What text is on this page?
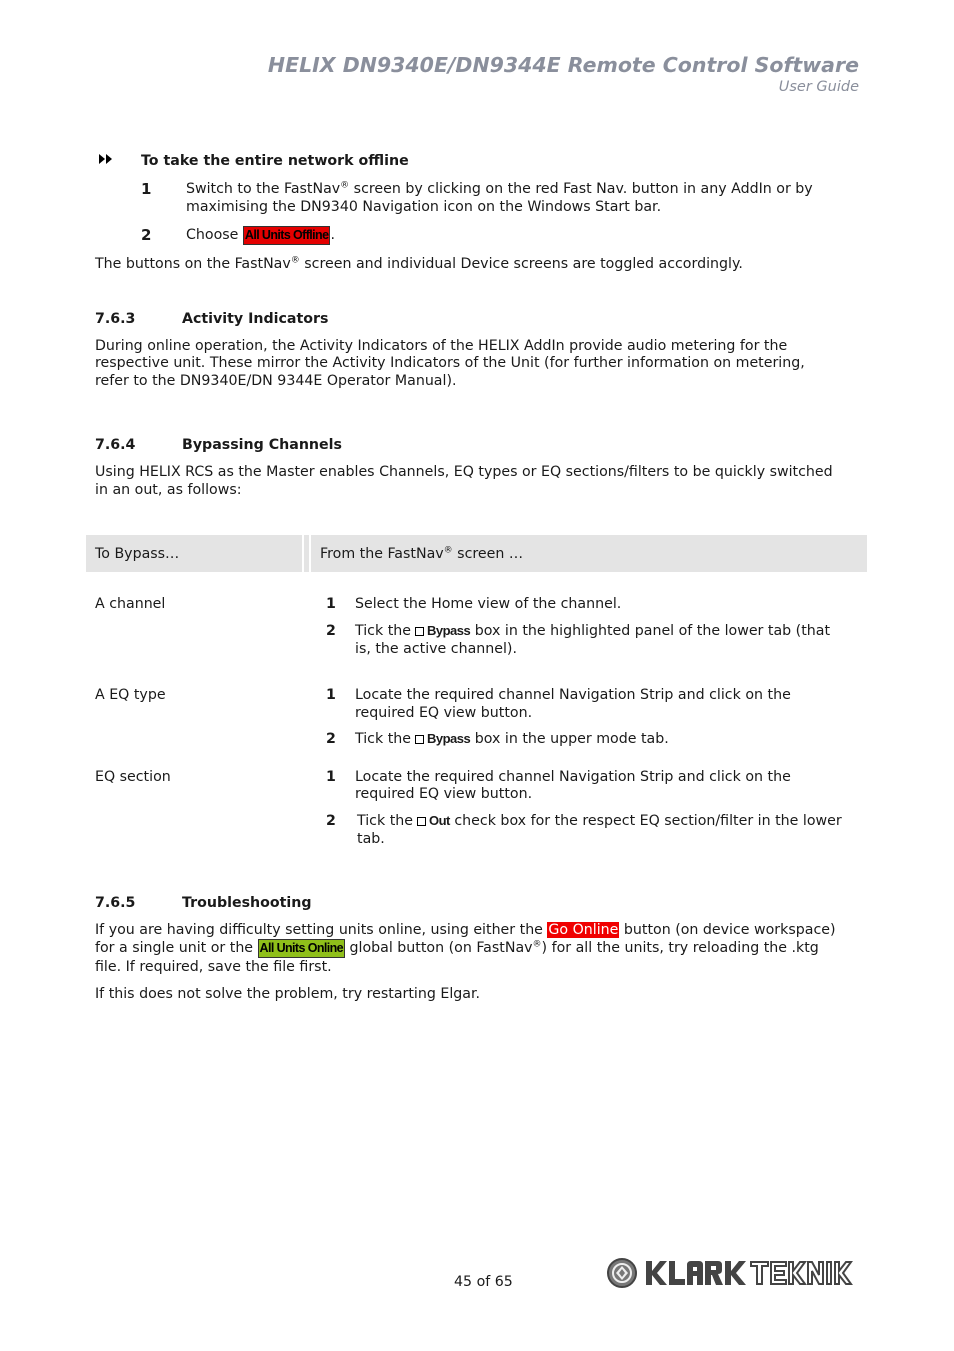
HELIX DN9340E/DN9344E Remote Control Software
User Guide
To take the entire network offline
1 Switch to the FastNav® screen by clicking on the red Fast Nav. button in any AddIn or by
maximising the DN9340 Navigation icon on the Windows Start bar.
2 Choose All Units Offline .
The buttons on the FastNav® screen and individual Device screens are toggled accordingly.
7.6.3	Activity Indicators
During online operation, the Activity Indicators of the HELIX AddIn provide audio metering for the
respective unit. These mirror the Activity Indicators of the Unit (for further information on metering,
refer to the DN9340E/DN 9344E Operator Manual).
7.6.4	Bypassing Channels
Using HELIX RCS as the Master enables Channels, EQ types or EQ sections/filters to be quickly switched
in an out, as follows:
To Bypass…	From the FastNav® screen …
A channel	1 Select the Home view of the channel.
2 Tick the Bypass box in the highlighted panel of the lower tab (that
is, the active channel).
A EQ type	1 Locate the required channel Navigation Strip and click on the
required EQ view button.
2 Tick the Bypass box in the upper mode tab.
EQ section	1 Locate the required channel Navigation Strip and click on the
required EQ view button.
2 Tick the Out check box for the respect EQ section/filter in the lower
tab.
7.6.5	Troubleshooting
If you are having difficulty setting units online, using either the Go Online button (on device workspace)
for a single unit or the All Units Online global button (on FastNav®) for all the units, try reloading the .ktg
file. If required, save the file first.
If this does not solve the problem, try restarting Elgar.
45 of 65
